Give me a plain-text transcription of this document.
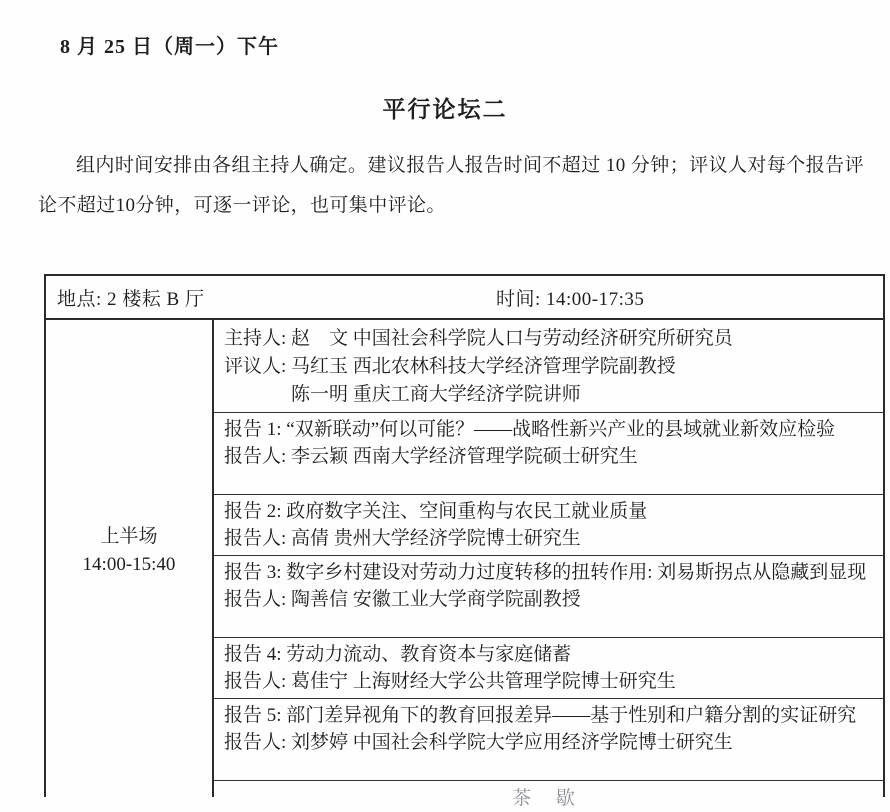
8 月 25 日（周一）下午
平行论坛二

组内时间安排由各组主持人确定。建议报告人报告时间不超过 10 分钟；评议人对每个报告评论不超过10分钟，可逐一评论，也可集中评论。

地点: 2 楼耘 B 厅	时间: 14:00-17:35
上半场
14:00-15:40
主持人: 赵　文 中国社会科学院人口与劳动经济研究所研究员
评议人: 马红玉 西北农林科技大学经济管理学院副教授
陈一明 重庆工商大学经济学院讲师
报告 1: “双新联动”何以可能？——战略性新兴产业的县域就业新效应检验
报告人: 李云颖 西南大学经济管理学院硕士研究生
报告 2: 政府数字关注、空间重构与农民工就业质量
报告人: 高倩 贵州大学经济学院博士研究生
报告 3: 数字乡村建设对劳动力过度转移的扭转作用: 刘易斯拐点从隐藏到显现
报告人: 陶善信 安徽工业大学商学院副教授
报告 4: 劳动力流动、教育资本与家庭储蓄
报告人: 葛佳宁 上海财经大学公共管理学院博士研究生
报告 5: 部门差异视角下的教育回报差异——基于性别和户籍分割的实证研究
报告人: 刘梦婷 中国社会科学院大学应用经济学院博士研究生
茶 歇
